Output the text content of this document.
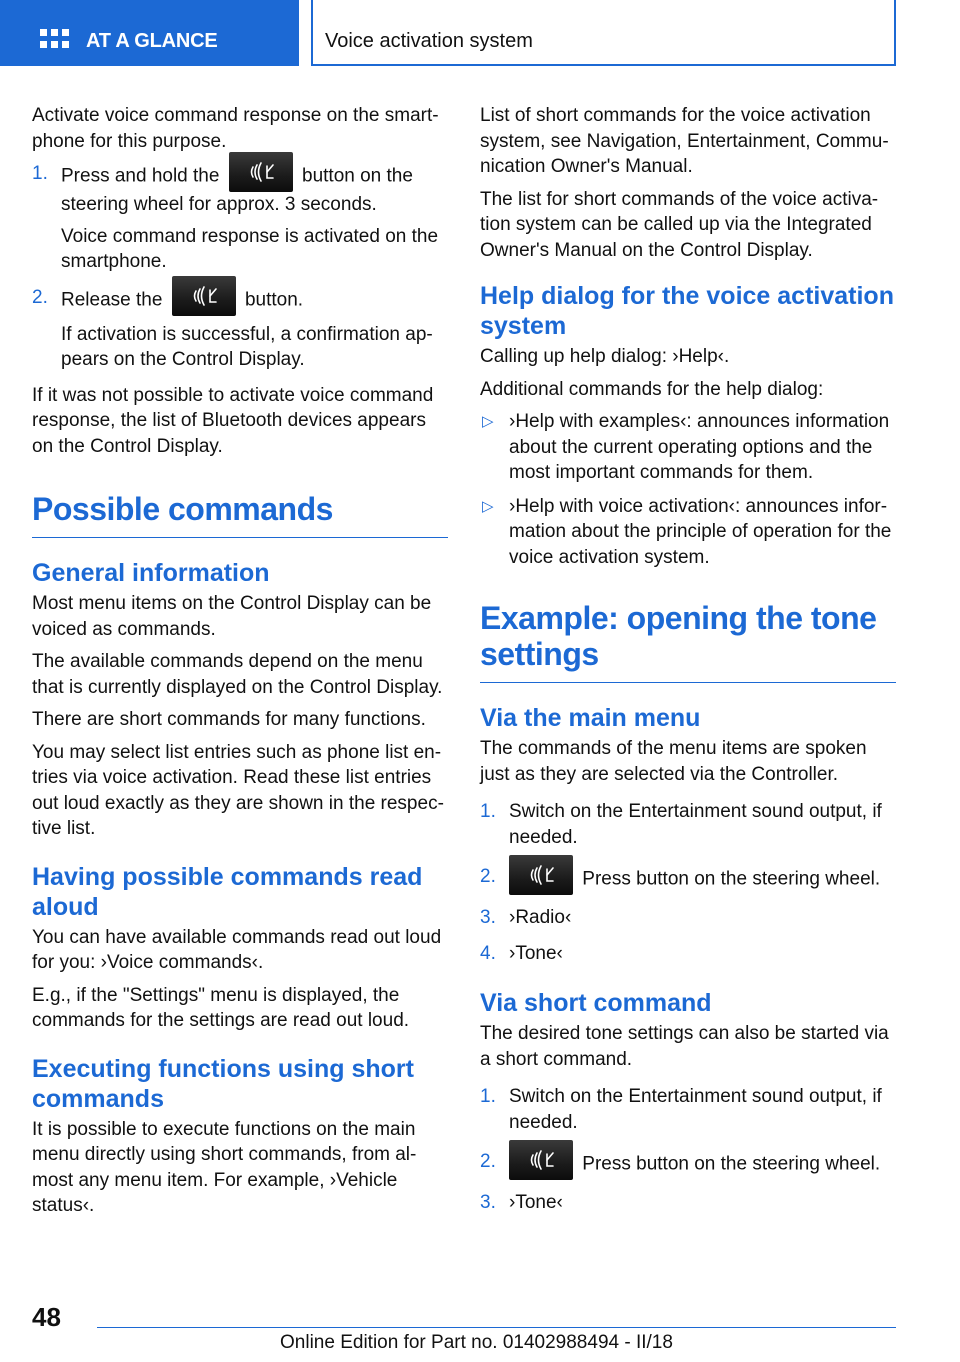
AT A GLANCE	Voice activation system

Activate voice command response on the smart‐phone for this purpose.

1. Press and hold the	button on the steering wheel for approx. 3 seconds.
Voice command response is activated on the smartphone.
2. Release the	button.
If activation is successful, a confirmation ap‐pears on the Control Display.

If it was not possible to activate voice command response, the list of Bluetooth devices appears on the Control Display.

Possible commands
General information

Most menu items on the Control Display can be voiced as commands.

The available commands depend on the menu that is currently displayed on the Control Display.

There are short commands for many functions.

You may select list entries such as phone list en‐tries via voice activation. Read these list entries out loud exactly as they are shown in the respec‐tive list.

Having possible commands read aloud

You can have available commands read out loud for you: ›Voice commands‹.

E.g., if the "Settings" menu is displayed, the commands for the settings are read out loud.

Executing functions using short commands

It is possible to execute functions on the main menu directly using short commands, from al‐most any menu item. For example, ›Vehicle status‹.

List of short commands for the voice activation system, see Navigation, Entertainment, Commu‐nication Owner's Manual.

The list for short commands of the voice activa‐tion system can be called up via the Integrated Owner's Manual on the Control Display.

Help dialog for the voice activation system

Calling up help dialog: ›Help‹.

Additional commands for the help dialog:

▷ ›Help with examples‹: announces information about the current operating options and the most important commands for them.
▷ ›Help with voice activation‹: announces infor‐mation about the principle of operation for the voice activation system.
Example: opening the tone settings
Via the main menu

The commands of the menu items are spoken just as they are selected via the Controller.

1. Switch on the Entertainment sound output, if needed.
2.	Press button on the steering wheel.
3. ›Radio‹
4. ›Tone‹
Via short command

The desired tone settings can also be started via a short command.

1. Switch on the Entertainment sound output, if needed.
2.	Press button on the steering wheel.
3. ›Tone‹
48
Online Edition for Part no. 01402988494 - II/18
